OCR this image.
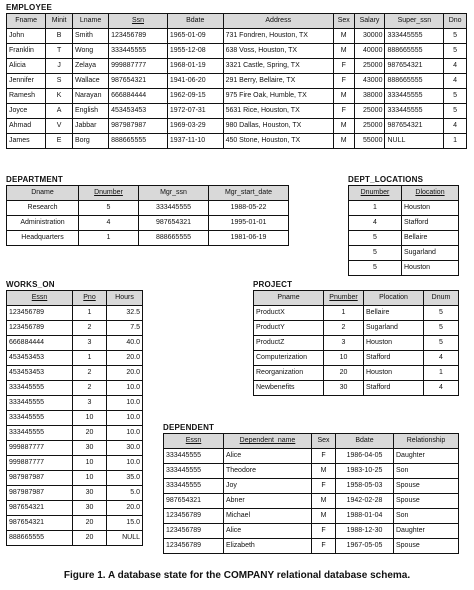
EMPLOYEE
Fname	Minit	Lname	Ssn	Bdate	Address	Sex	Salary	Super_ssn	Dno
John	B	Smith	123456789	1965-01-09	731 Fondren, Houston, TX	M	30000	333445555	5
Franklin	T	Wong	333445555	1955-12-08	638 Voss, Houston, TX	M	40000	888665555	5
Alicia	J	Zelaya	999887777	1968-01-19	3321 Castle, Spring, TX	F	25000	987654321	4
Jennifer	S	Wallace	987654321	1941-06-20	291 Berry, Bellaire, TX	F	43000	888665555	4
Ramesh	K	Narayan	666884444	1962-09-15	975 Fire Oak, Humble, TX	M	38000	333445555	5
Joyce	A	English	453453453	1972-07-31	5631 Rice, Houston, TX	F	25000	333445555	5
Ahmad	V	Jabbar	987987987	1969-03-29	980 Dallas, Houston, TX	M	25000	987654321	4
James	E	Borg	888665555	1937-11-10	450 Stone, Houston, TX	M	55000	NULL	1
DEPARTMENT
Dname	Dnumber	Mgr_ssn	Mgr_start_date
Research	5	333445555	1988-05-22
Administration	4	987654321	1995-01-01
Headquarters	1	888665555	1981-06-19
DEPT_LOCATIONS
Dnumber	Dlocation
1	Houston
4	Stafford
5	Bellaire
5	Sugarland
5	Houston
WORKS_ON
Essn	Pno	Hours
123456789	1	32.5
123456789	2	7.5
666884444	3	40.0
453453453	1	20.0
453453453	2	20.0
333445555	2	10.0
333445555	3	10.0
333445555	10	10.0
333445555	20	10.0
999887777	30	30.0
999887777	10	10.0
987987987	10	35.0
987987987	30	5.0
987654321	30	20.0
987654321	20	15.0
888665555	20	NULL
PROJECT
Pname	Pnumber	Plocation	Dnum
ProductX	1	Bellaire	5
ProductY	2	Sugarland	5
ProductZ	3	Houston	5
Computerization	10	Stafford	4
Reorganization	20	Houston	1
Newbenefits	30	Stafford	4
DEPENDENT
Essn	Dependent_name	Sex	Bdate	Relationship
333445555	Alice	F	1986-04-05	Daughter
333445555	Theodore	M	1983-10-25	Son
333445555	Joy	F	1958-05-03	Spouse
987654321	Abner	M	1942-02-28	Spouse
123456789	Michael	M	1988-01-04	Son
123456789	Alice	F	1988-12-30	Daughter
123456789	Elizabeth	F	1967-05-05	Spouse
Figure 1. A database state for the COMPANY relational database schema.
